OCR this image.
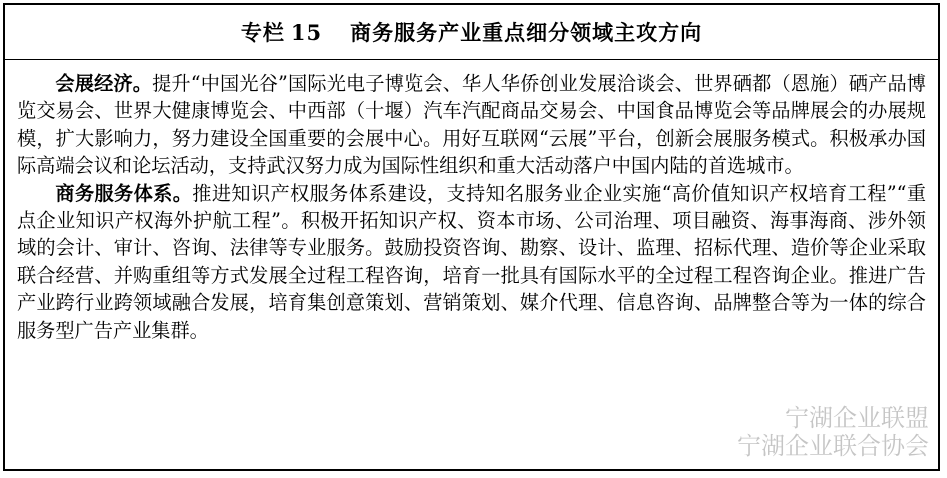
专栏 15 商务服务产业重点细分领域主攻方向

会展经济。提升“中国光谷”国际光电子博览会、华人华侨创业发展洽谈会、世界硒都（恩施）硒产品博览交易会、世界大健康博览会、中西部（十堰）汽车汽配商品交易会、中国食品博览会等品牌展会的办展规模，扩大影响力，努力建设全国重要的会展中心。用好互联网“云展”平台，创新会展服务模式。积极承办国际高端会议和论坛活动，支持武汉努力成为国际性组织和重大活动落户中国内陆的首选城市。

商务服务体系。推进知识产权服务体系建设，支持知名服务业企业实施“高价值知识产权培育工程”“重点企业知识产权海外护航工程”。积极开拓知识产权、资本市场、公司治理、项目融资、海事海商、涉外领域的会计、审计、咨询、法律等专业服务。鼓励投资咨询、勘察、设计、监理、招标代理、造价等企业采取联合经营、并购重组等方式发展全过程工程咨询，培育一批具有国际水平的全过程工程咨询企业。推进广告产业跨行业跨领域融合发展，培育集创意策划、营销策划、媒介代理、信息咨询、品牌整合等为一体的综合服务型广告产业集群。

宁湖企业联盟
宁湖企业联合协会
